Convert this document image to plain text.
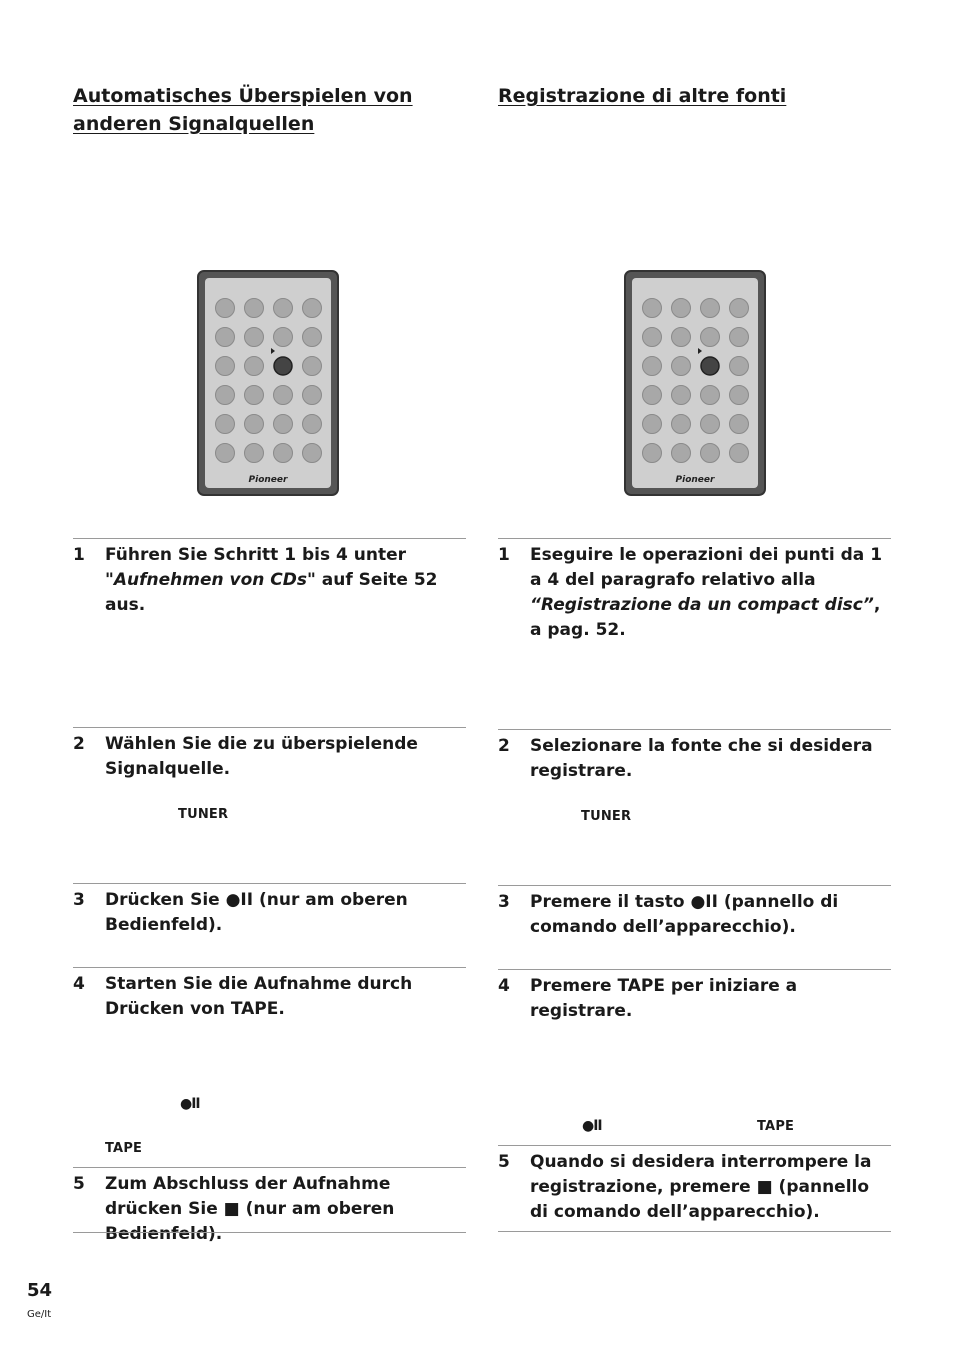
Automatisches Überspielen von anderen Signalquellen
Pioneer
1	Führen Sie Schritt 1 bis 4 unter "Aufnehmen von CDs" auf Seite 52 aus.
2	Wählen Sie die zu überspielende Signalquelle.
TUNER
3	Drücken Sie ●II (nur am oberen Bedienfeld).
4	Starten Sie die Aufnahme durch Drücken von TAPE.
●II
TAPE
5	Zum Abschluss der Aufnahme drücken Sie ■ (nur am oberen Bedienfeld).
Registrazione di altre fonti
Pioneer
1	Eseguire le operazioni dei punti da 1 a 4 del paragrafo relativo alla “Registrazione da un compact disc”, a pag. 52.
2	Selezionare la fonte che si desidera registrare.
TUNER
3	Premere il tasto ●II (pannello di comando dell’apparecchio).
4	Premere TAPE per iniziare a registrare.
●II	TAPE
5	Quando si desidera interrompere la registrazione, premere ■ (pannello di comando dell’apparecchio).
54
Ge/It
